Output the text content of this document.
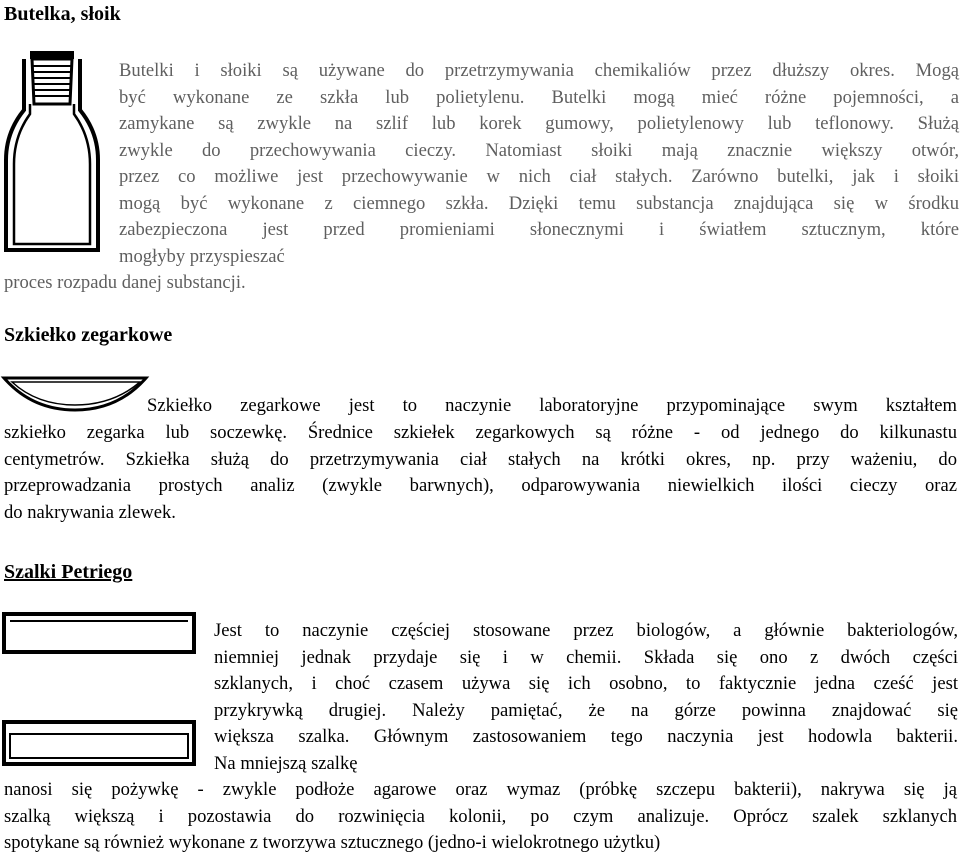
Butelka, słoik
Butelki i słoiki są używane do przetrzymywania chemikaliów przez dłuższy okres. Mogą
być wykonane ze szkła lub polietylenu. Butelki mogą mieć różne pojemności, a
zamykane są zwykle na szlif lub korek gumowy, polietylenowy lub teflonowy. Służą
zwykle do przechowywania cieczy. Natomiast słoiki mają znacznie większy otwór,
przez co możliwe jest przechowywanie w nich ciał stałych. Zarówno butelki, jak i słoiki
mogą być wykonane z ciemnego szkła. Dzięki temu substancja znajdująca się w środku
zabezpieczona jest przed promieniami słonecznymi i światłem sztucznym, które
mogłyby przyspieszać
proces rozpadu danej substancji.
Szkiełko zegarkowe
Szkiełko zegarkowe jest to naczynie laboratoryjne przypominające swym kształtem
szkiełko zegarka lub soczewkę. Średnice szkiełek zegarkowych są różne - od jednego do kilkunastu
centymetrów. Szkiełka służą do przetrzymywania ciał stałych na krótki okres, np. przy ważeniu, do
przeprowadzania prostych analiz (zwykle barwnych), odparowywania niewielkich ilości cieczy oraz
do nakrywania zlewek.
Szalki Petriego
Jest to naczynie częściej stosowane przez biologów, a głównie bakteriologów,
niemniej jednak przydaje się i w chemii. Składa się ono z dwóch części
szklanych, i choć czasem używa się ich osobno, to faktycznie jedna cześć jest
przykrywką drugiej. Należy pamiętać, że na górze powinna znajdować się
większa szalka. Głównym zastosowaniem tego naczynia jest hodowla bakterii.
Na mniejszą szalkę
nanosi się pożywkę - zwykle podłoże agarowe oraz wymaz (próbkę szczepu bakterii), nakrywa się ją
szalką większą i pozostawia do rozwinięcia kolonii, po czym analizuje. Oprócz szalek szklanych
spotykane są również wykonane z tworzywa sztucznego (jedno-i wielokrotnego użytku)
